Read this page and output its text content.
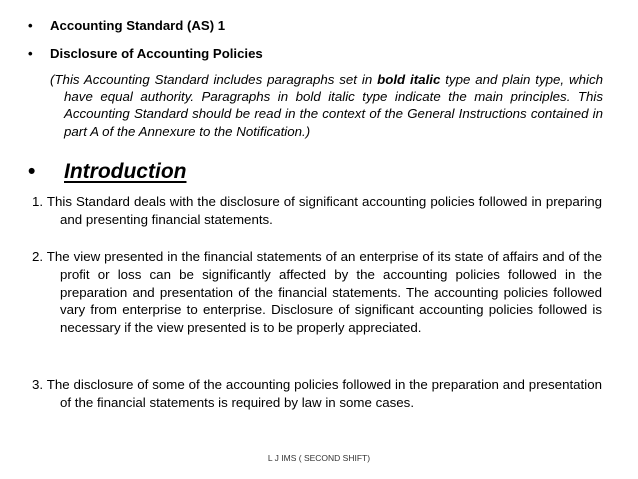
• Accounting Standard (AS) 1
• Disclosure of Accounting Policies
(This Accounting Standard includes paragraphs set in bold italic type and plain type, which have equal authority. Paragraphs in bold italic type indicate the main principles. This Accounting Standard should be read in the context of the General Instructions contained in part A of the Annexure to the Notification.)
• Introduction
1. This Standard deals with the disclosure of significant accounting policies followed in preparing and presenting financial statements.
2. The view presented in the financial statements of an enterprise of its state of affairs and of the profit or loss can be significantly affected by the accounting policies followed in the preparation and presentation of the financial statements. The accounting policies followed vary from enterprise to enterprise. Disclosure of significant accounting policies followed is necessary if the view presented is to be properly appreciated.
3. The disclosure of some of the accounting policies followed in the preparation and presentation of the financial statements is required by law in some cases.
L J IMS ( SECOND SHIFT)
